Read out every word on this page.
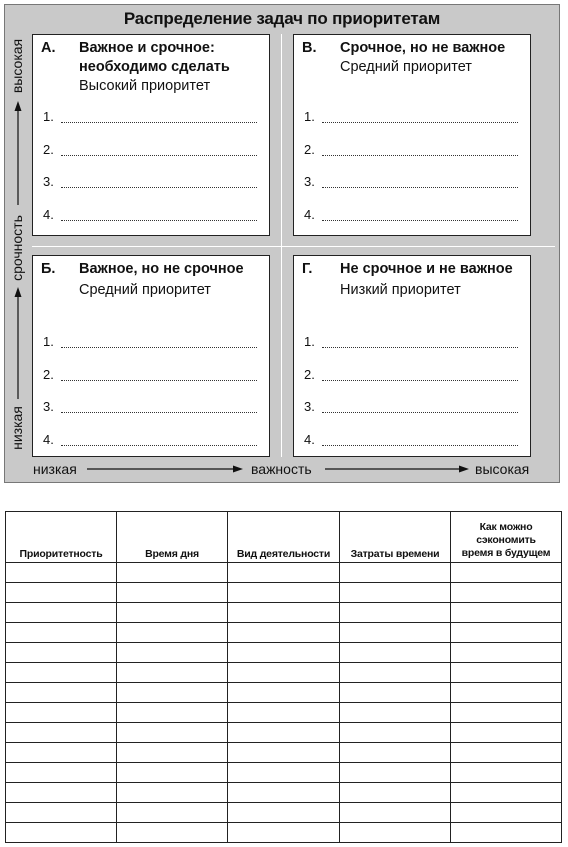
Распределение задач по приоритетам
А. Важное и срочное:
необходимо сделать
Высокий приоритет
1.
2.
3.
4.
В. Срочное, но не важное
Средний приоритет
1.
2.
3.
4.
Б. Важное, но не срочное
Средний приоритет
1.
2.
3.
4.
Г. Не срочное и не важное
Низкий приоритет
1.
2.
3.
4.
высокая
срочность
низкая
низкая	важность	высокая
Приоритетность	Время дня	Вид деятельности	Затраты времени	Как можно сэкономить время в будущем
